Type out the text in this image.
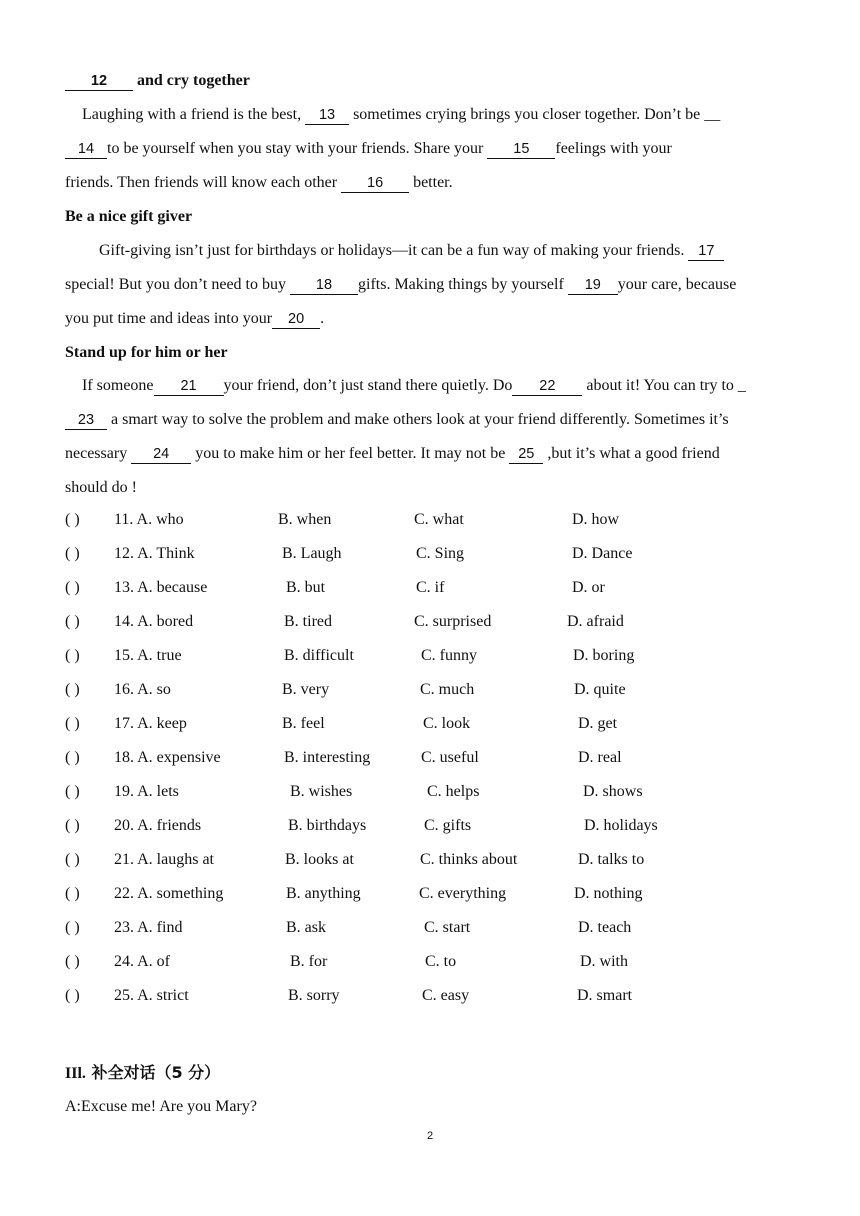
12 and cry together
Laughing with a friend is the best, 13 sometimes crying brings you closer together. Don’t be __
14 to be yourself when you stay with your friends. Share your 15 feelings with your
friends. Then friends will know each other 16 better.
Be a nice gift giver
Gift-giving isn’t just for birthdays or holidays—it can be a fun way of making your friends. 17
special! But you don’t need to buy 18 gifts. Making things by yourself 19 your care, because
you put time and ideas into your 20 .
Stand up for him or her
If someone 21 your friend, don’t just stand there quietly. Do 22 about it! You can try to _
23 a smart way to solve the problem and make others look at your friend differently. Sometimes it’s
necessary 24 you to make him or her feel better. It may not be 25 ,but it’s what a good friend
should do !
( ) 11. A. who	B. when	C. what	D. how
( ) 12. A. Think	B. Laugh	C. Sing	D. Dance
( ) 13. A. because	B. but	C. if	D. or
( ) 14. A. bored	B. tired	C. surprised	D. afraid
( ) 15. A. true	B. difficult	C. funny	D. boring
( ) 16. A. so	B. very	C. much	D. quite
( ) 17. A. keep	B. feel	C. look	D. get
( ) 18. A. expensive	B. interesting	C. useful	D. real
( ) 19. A. lets	B. wishes	C. helps	D. shows
( ) 20. A. friends	B. birthdays	C. gifts	D. holidays
( ) 21. A. laughs at	B. looks at	C. thinks about	D. talks to
( ) 22. A. something	B. anything	C. everything	D. nothing
( ) 23. A. find	B. ask	C. start	D. teach
( ) 24. A. of	B. for	C. to	D. with
( ) 25. A. strict	B. sorry	C. easy	D. smart
IIl. 补全对话（5 分）
A:Excuse me! Are you Mary?
2
